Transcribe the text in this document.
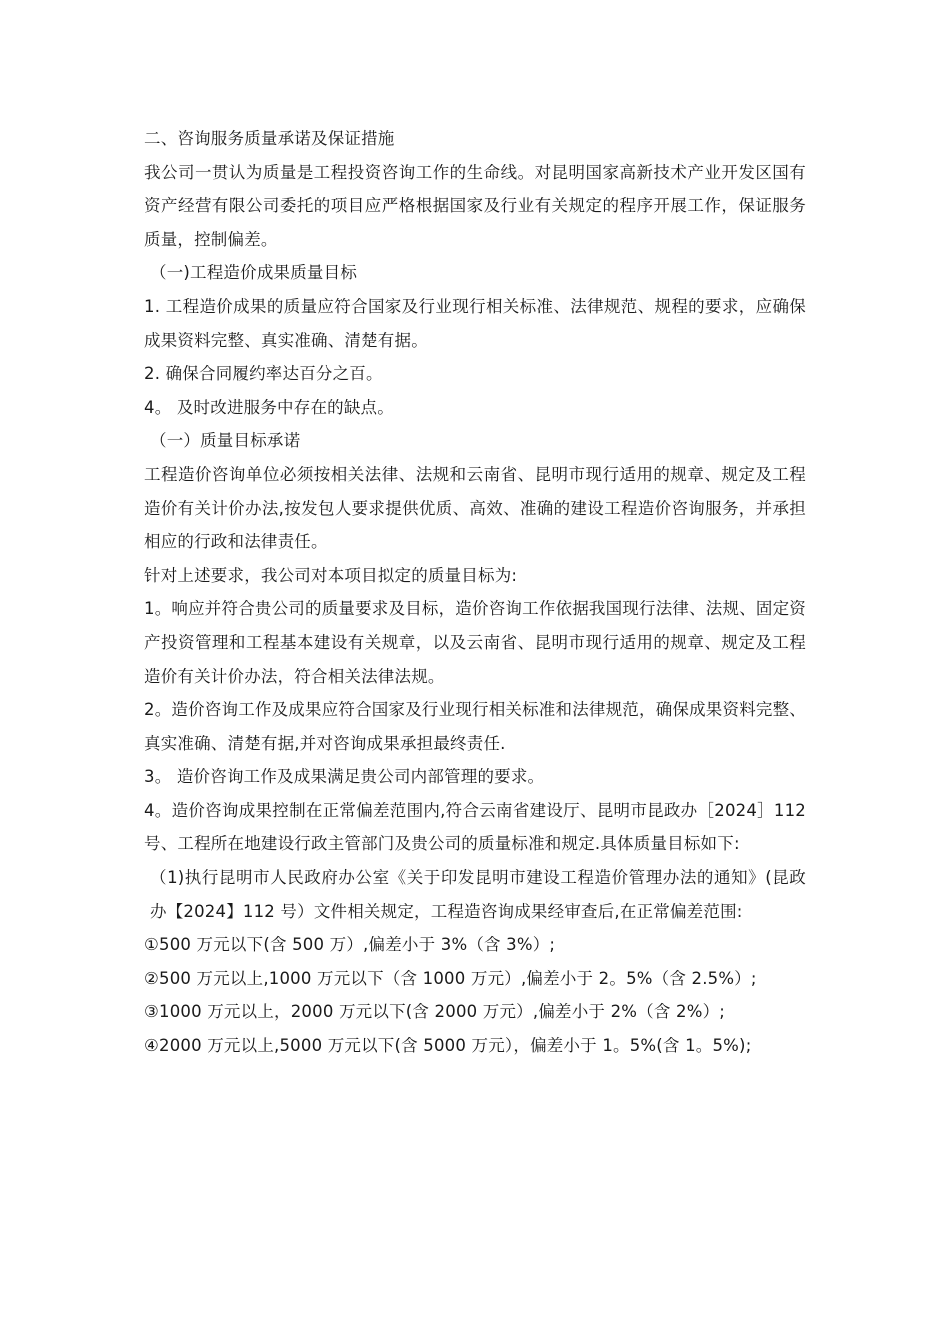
二、咨询服务质量承诺及保证措施

我公司一贯认为质量是工程投资咨询工作的生命线。对昆明国家高新技术产业开发区国有资产经营有限公司委托的项目应严格根据国家及行业有关规定的程序开展工作，保证服务质量，控制偏差。

（一)工程造价成果质量目标

1. 工程造价成果的质量应符合国家及行业现行相关标准、法律规范、规程的要求，应确保成果资料完整、真实准确、清楚有据。

2. 确保合同履约率达百分之百。

4。 及时改进服务中存在的缺点。

（一）质量目标承诺

工程造价咨询单位必须按相关法律、法规和云南省、昆明市现行适用的规章、规定及工程造价有关计价办法,按发包人要求提供优质、高效、准确的建设工程造价咨询服务，并承担相应的行政和法律责任。

针对上述要求，我公司对本项目拟定的质量目标为:

1。响应并符合贵公司的质量要求及目标，造价咨询工作依据我国现行法律、法规、固定资产投资管理和工程基本建设有关规章，以及云南省、昆明市现行适用的规章、规定及工程造价有关计价办法，符合相关法律法规。

2。造价咨询工作及成果应符合国家及行业现行相关标准和法律规范，确保成果资料完整、真实准确、清楚有据,并对咨询成果承担最终责任.

3。 造价咨询工作及成果满足贵公司内部管理的要求。

4。造价咨询成果控制在正常偏差范围内,符合云南省建设厅、昆明市昆政办［2024］112 号、工程所在地建设行政主管部门及贵公司的质量标准和规定.具体质量目标如下:

（1)执行昆明市人民政府办公室《关于印发昆明市建设工程造价管理办法的通知》(昆政办【2024】112 号）文件相关规定，工程造咨询成果经审查后,在正常偏差范围:

①500 万元以下(含 500 万）,偏差小于 3%（含 3%）;

②500 万元以上,1000 万元以下（含 1000 万元）,偏差小于 2。5%（含 2.5%）;

③1000 万元以上，2000 万元以下(含 2000 万元）,偏差小于 2%（含 2%）;

④2000 万元以上,5000 万元以下(含 5000 万元），偏差小于 1。5%(含 1。5%);
